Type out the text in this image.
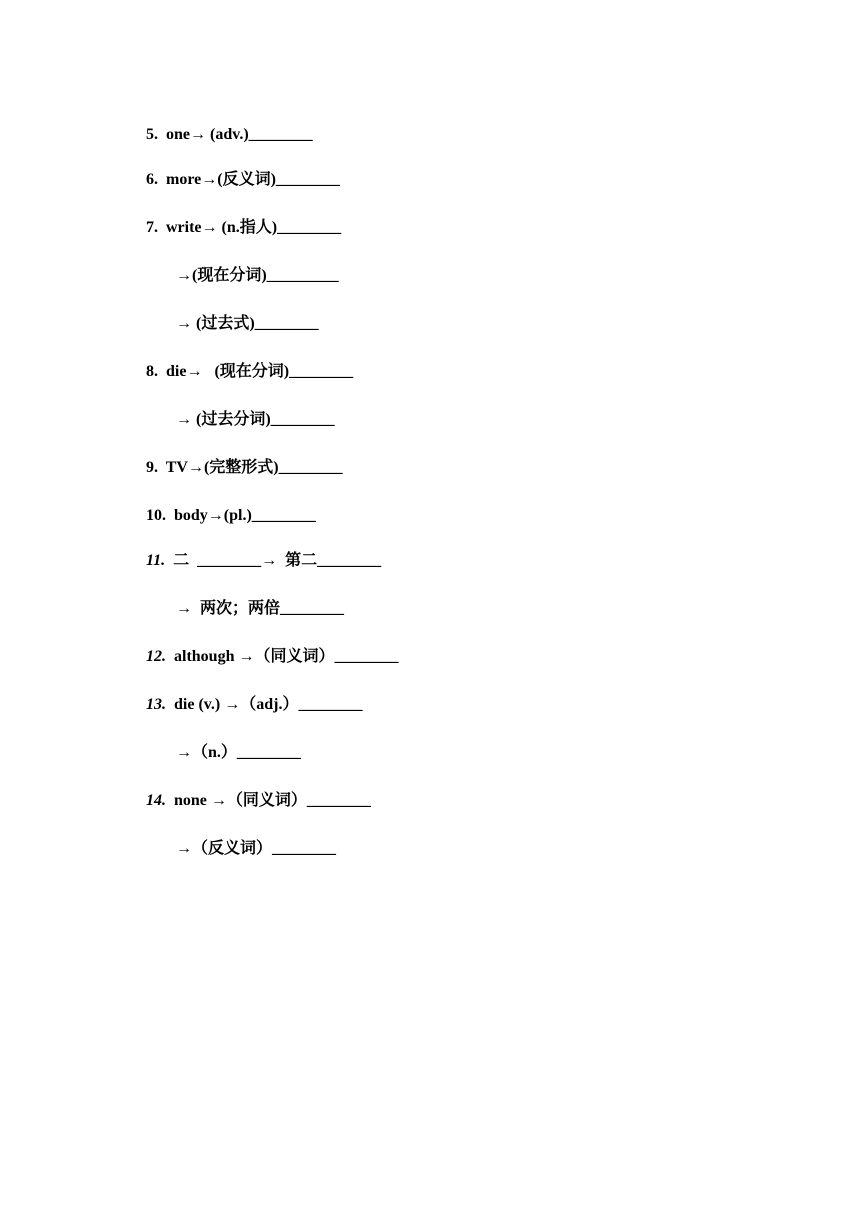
5. one→ (adv.)________

6. more→(反义词)________

7. write→ (n.指人)________

→(现在分词)_________

→ (过去式)________

8. die→   (现在分词)________

→ (过去分词)________

9. TV→(完整形式)________

10. body→(pl.)________

11. 二  ________→  第二________

→  两次；两倍________

12. although →（同义词）________

13. die (v.) →（adj.）________

→（n.）________

14. none →（同义词）________

→（反义词）________
